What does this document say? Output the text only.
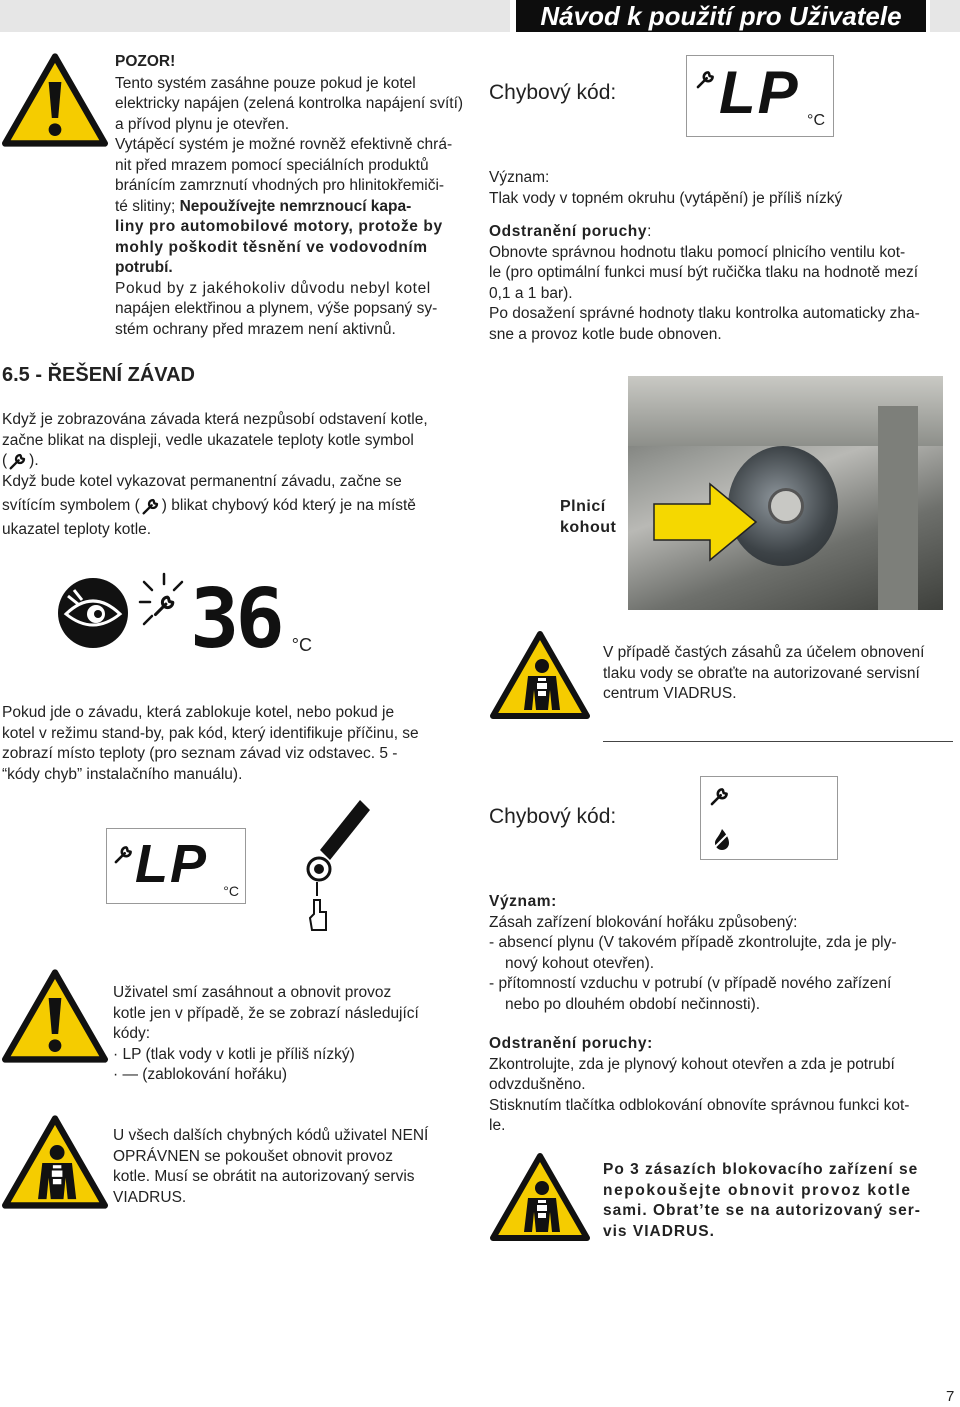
Návod k použití pro Uživatele

POZOR!

Tento systém zasáhne pouze pokud je kotel elektricky napájen (zelená kontrolka napájení svítí) a přívod plynu je otevřen.

Vytápěcí systém je možné rovněž efektivně chrá-

nit před mrazem pomocí speciálních produktů

bránícím zamrznutí vhodných pro hlinitokřemiči-

té slitiny; Nepoužívejte nemrznoucí kapa-

liny pro automobilové motory, protože by

mohly poškodit těsnění ve vodovodním

potrubí.

Pokud by z jakéhokoliv důvodu nebyl kotel

napájen elektřinou a plynem, výše popsaný sy-

stém ochrany před mrazem není aktivnů.

6.5 - ŘEŠENÍ ZÁVAD

Když je zobrazována závada která nezpůsobí odstavení kotle,

začne blikat na displeji, vedle ukazatele teploty kotle symbol

( ).

Když bude kotel vykazovat permanentní závadu, začne se

svítícím symbolem ( ) blikat chybový kód který je na místě

ukazatel teploty kotle.

36 °C

Pokud jde o závadu, která zablokuje kotel, nebo pokud je

kotel v režimu stand-by, pak kód, který identifikuje příčinu, se

zobrazí místo teploty (pro seznam závad viz odstavec. 5 -

“kódy chyb” instalačního manuálu).

LP °C

Uživatel smí zasáhnout a obnovit provoz

kotle jen v případě, že se zobrazí následující

kódy:

· LP (tlak vody v kotli je příliš nízký)

· — (zablokování hořáku)

U všech dalších chybných kódů uživatel NENÍ

OPRÁVNEN se pokoušet obnovit provoz

kotle. Musí se obrátit na autorizovaný servis

VIADRUS.

Chybový kód: LP °C

Význam:

Tlak vody v topném okruhu (vytápění) je příliš nízký

Odstranění poruchy:

Obnovte správnou hodnotu tlaku pomocí plnicího ventilu kot-

le (pro optimální funkci musí být ručička tlaku na hodnotě mezí

0,1 a 1 bar).

Po dosažení správné hodnoty tlaku kontrolka automaticky zha-

sne a provoz kotle bude obnoven.

Plnicí
kohout

V případě častých zásahů za účelem obnovení

tlaku vody se obraťte na autorizované servisní

centrum VIADRUS.

Chybový kód:

Význam:

Zásah zařízení blokování hořáku způsobený:

- absencí plynu (V takovém případě zkontrolujte, zda je ply-

nový kohout otevřen).

- přítomností vzduchu v potrubí (v případě nového zařízení

nebo po dlouhém období nečinnosti).

Odstranění poruchy:

Zkontrolujte, zda je plynový kohout otevřen a zda je potrubí

odvzdušněno.

Stisknutím tlačítka odblokování obnovíte správnou funkci kot-

le.

Po 3 zásazích blokovacího zařízení se
nepokoušejte obnovit provoz kotle
sami. Obrat’te se na autorizovaný ser-
vis VIADRUS.
7
